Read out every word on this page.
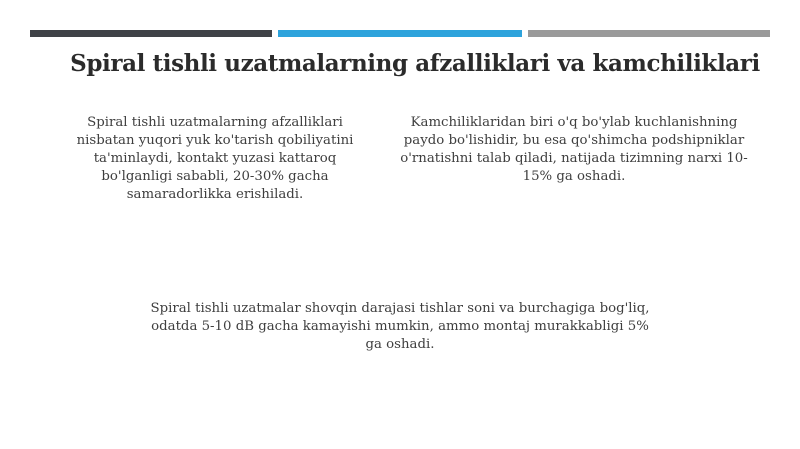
Spiral tishli uzatmalarning afzalliklari va kamchiliklari

Spiral tishli uzatmalarning afzalliklari nisbatan yuqori yuk ko'tarish qobiliyatini ta'minlaydi, kontakt yuzasi kattaroq bo'lganligi sababli, 20-30% gacha samaradorlikka erishiladi.

Kamchiliklaridan biri o'q bo'ylab kuchlanishning paydo bo'lishidir, bu esa qo'shimcha podshipniklar o'rnatishni talab qiladi, natijada tizimning narxi 10-15% ga oshadi.

Spiral tishli uzatmalar shovqin darajasi tishlar soni va burchagiga bog'liq, odatda 5-10 dB gacha kamayishi mumkin, ammo montaj murakkabligi 5% ga oshadi.
